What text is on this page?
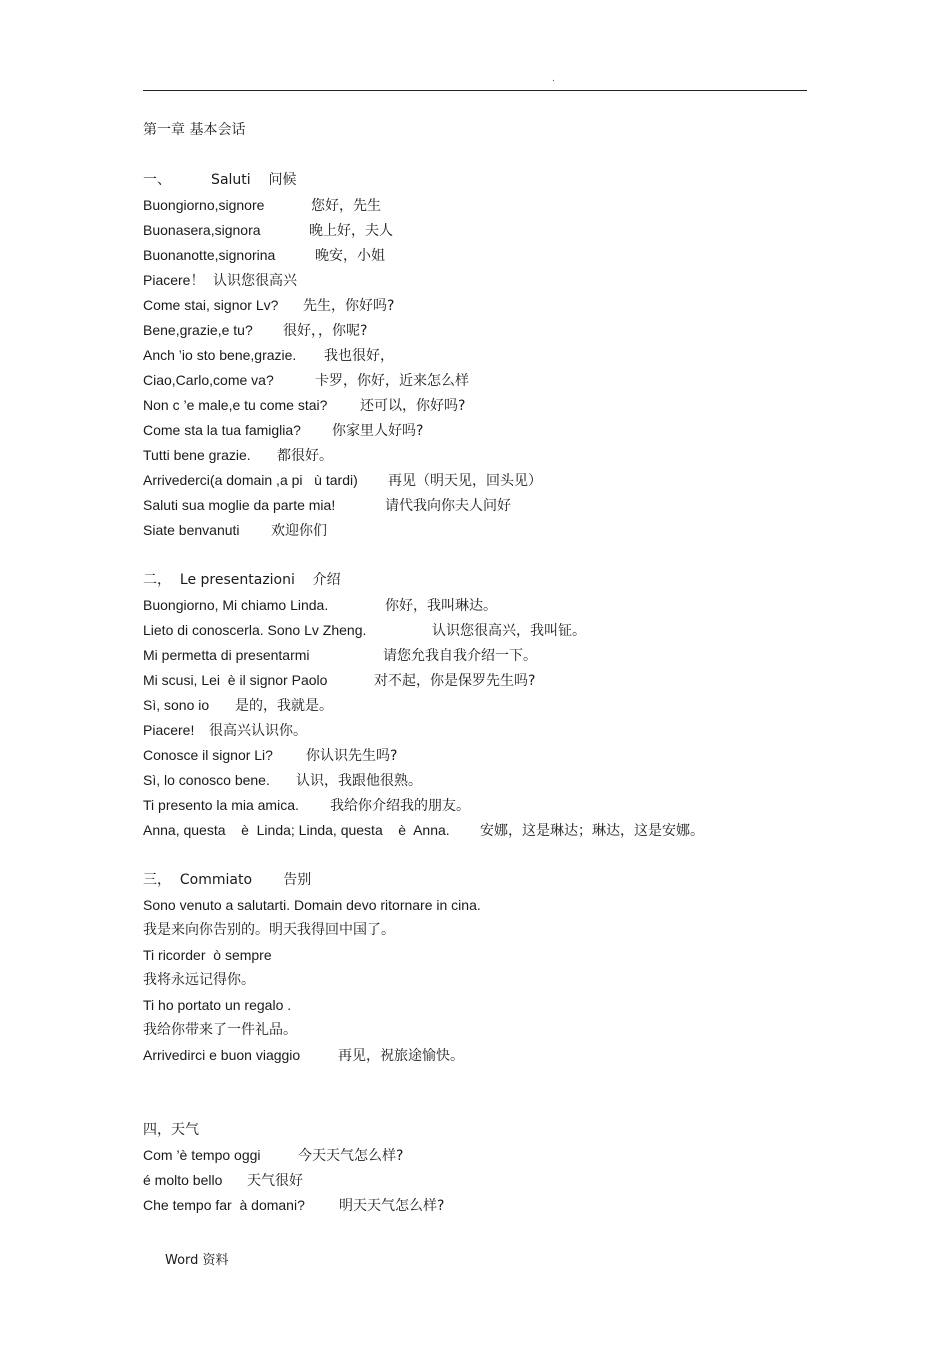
.
第一章 基本会话
一、         Saluti    问候
Buongiorno,signore	您好，先生
Buonasera,signora	晚上好，夫人
Buonanotte,signorina	晚安，小姐
Piacere！ 认识您很高兴
Come stai, signor Lv? 先生，你好吗?
Bene,grazie,e tu? 很好，，你呢?
Anch ’io sto bene,grazie. 我也很好，
Ciao,Carlo,come va?	卡罗，你好，近来怎么样
Non c ’e male,e tu come stai? 还可以，你好吗?
Come sta la tua famiglia? 你家里人好吗?
Tutti bene grazie. 都很好。
Arrivederci(a domain ,a pi   ù tardi) 再见（明天见，回头见）
Saluti sua moglie da parte mia!	请代我向你夫人问好
Siate benvanuti 欢迎你们
二，  Le presentazioni    介绍
Buongiorno, Mi chiamo Linda.	你好，我叫琳达。
Lieto di conoscerla. Sono Lv Zheng.	认识您很高兴，我叫钲。
Mi permetta di presentarmi	请您允我自我介绍一下。
Mi scusi, Lei  è il signor Paolo	对不起，你是保罗先生吗?
Sì, sono io 是的，我就是。
Piacere! 很高兴认识你。
Conosce il signor Li? 你认识先生吗?
Sì, lo conosco bene. 认识，我跟他很熟。
Ti presento la mia amica. 我给你介绍我的朋友。
Anna, questa    è  Linda; Linda, questa    è  Anna. 安娜，这是琳达；琳达，这是安娜。
三，  Commiato       告别
Sono venuto a salutarti. Domain devo ritornare in cina.
我是来向你告别的。明天我得回中国了。
Ti ricorder  ò sempre
我将永远记得你。
Ti ho portato un regalo .
我给你带来了一件礼品。
Arrivedirci e buon viaggio	再见，祝旅途愉快。
四，天气
Com ’è tempo oggi	今天天气怎么样?
é molto bello 天气很好
Che tempo far  à domani? 明天天气怎么样?
Word 资料
